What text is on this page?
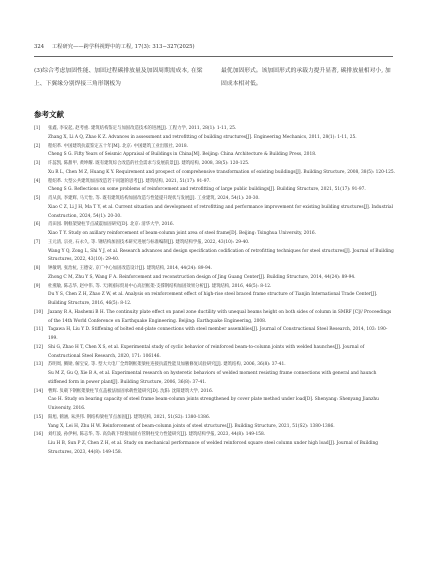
324 工程研究——跨学科视野中的工程, 17(3): 313−327(2025)
(3)综合考虑加固性能、加固过程碳排放量及加固周期需成本, 在梁上、下翼缘分别焊接三角形钢板为
最优加固形式。该加固形式的承载力提升显著, 碳排放量相对小, 加固成本相对低。
参考文献
[1]	张鑫, 李安起, 赵考重. 建筑结构鉴定与加固改造技术的进展[J]. 工程力学, 2011, 28(1): 1-11, 25.
Zhang X, Li A Q, Zhao K Z. Advances in assessment and retrofitting of building structures[J]. Engineering Mechanics, 2011, 28(1): 1-11, 25.
[2]	程绍革. 中国建筑抗震鉴定五十年[M]. 北京: 中国建筑工业出版社, 2018.
Cheng S G. Fifty Years of Seismic Appraisal of Buildings in China[M]. Beijing: China Architecture & Building Press, 2018.
[3]	许蕊凯, 陈甜甲, 黄坤耀. 既有建筑综合改造的社会需求与发展前景[J]. 建筑结构, 2008, 38(5): 120-125.
Xu R L, Chen M Z, Huang K Y. Requirement and prospect of comprehensive transformation of existing buildings[J]. Building Structure, 2008, 38(5): 120-125.
[4]	程绍革. 大型公共建筑加固改造若干问题的思考[J]. 建筑结构, 2021, 51(17): 91-97.
Cheng S G. Reflections on some problems of reinforcement and retrofitting of large public buildings[J]. Building Structure, 2021, 51(17): 91-97.
[5]	肖从真, 李建辉, 马天怡, 等. 既有建筑结构加固改造与性能提升现状与发展[J]. 工业建筑, 2024, 54(1): 20-30.
Xiao C Z, Li J H, Ma T Y, et al. Current situation and development of retrofitting and performance improvement for existing building structures[J]. Industrial Construction, 2024, 54(1): 20-30.
[6]	肖田园. 钢框架梁柱节点减震加固研究[D]. 北京: 清华大学, 2016.
Xiao T Y. Study on axillary reinforcement of beam-column joint area of steel frame[D]. Beijing: Tsinghua University, 2016.
[7]	王元清, 宗亮, 石永久, 等. 钢结构加固技术研究进展与标准编制[J]. 建筑结构学报, 2022, 43(10): 29-40.
Wang Y Q, Zong L, Shi Y J, et al. Research advances and design specification codification of retrofitting techniques for steel structures[J]. Journal of Building Structures, 2022, 43(10): 29-40.
[8]	钟敏明, 张治杭, 王德安, 京广中心加固改造设计[J]. 建筑结构, 2014, 44(24): 89-94.
Zhong C M, Zhu Y S, Wang F A. Reinforcement and reconstruction design of Jing Guang Center[J]. Building Structure, 2014, 44(24): 89-94.
[9]	杜燕敏, 陈志华, 赵中伟, 等. 天津国际贸易中心高层框架-支撑钢结构加固效果分析[J]. 建筑结构, 2016, 46(5): 8-12.
Du Y S, Chen Z H, Zhao Z W, et al. Analysis on reinforcement effect of high-rise steel braced frame structure of Tianjin International Trade Center[J]. Building Structure, 2016, 46(5): 8-12.
[10]	Jazany R A, Hashemi B H. The continuity plate effect on panel zone ductility with unequal beams height on both sides of column in SMRF [C]// Proceedings of the 14th World Conference on Earthquake Engineering. Beijing: Earthquake Engineering, 2008.
[11]	Tagawa H, Liu Y D. Stiffening of bolted end-plate connections with steel member assemblies[J]. Journal of Constructional Steel Research, 2014, 103: 190-199.
[12]	Shi G, Zhao H T, Chen X S, et al. Experimental study of cyclic behavior of reinforced beam-to-column joints with welded haunches[J]. Journal of Constructional Steel Research, 2020, 171: 106146.
[13]	苏明周, 腾勋, 解宝安, 等. 型大大电厂全焊钢框架梁柱连接抗震性能及加腋修复试验研究[J]. 建筑结构, 2006, 36(8): 37-41.
Su M Z, Gu Q, Xie B A, et al. Experimental research on hysteretic behaviors of welded moment resisting frame connections with general and haunch stiffened form in power plant[J]. Building Structure, 2006, 36(8): 37-41.
[14]	曹辉. 负载下钢框架梁柱节点盖板法加固承载性能研究[D]. 沈阳: 沈阳建筑大学, 2016.
Cao H. Study on bearing capacity of steel frame beam-column joints strengthened by cover plate method under load[D]. Shenyang: Shenyang Jianzhu University, 2016.
[15]	阳旭, 鹤涵, 朱洪伟. 钢结构梁柱节点加固[J]. 建筑结构, 2021, 51(S2): 1380-1386.
Yang X, Lei H, Zhu H W. Reinforcement of beam-column joints of steel structures[J]. Building Structure, 2021, 51(S2): 1380-1386.
[16]	刘红波, 孙伊柯, 陈志华, 等. 高负载下焊接加固方管钢柱受力性能研究[J]. 建筑结构学报, 2023, 44(8): 149-158.
Liu H B, Sun P Z, Chen Z H, et al. Study on mechanical performance of welded reinforced square steel column under high load[J]. Journal of Building Structures, 2023, 44(8): 149-158.
